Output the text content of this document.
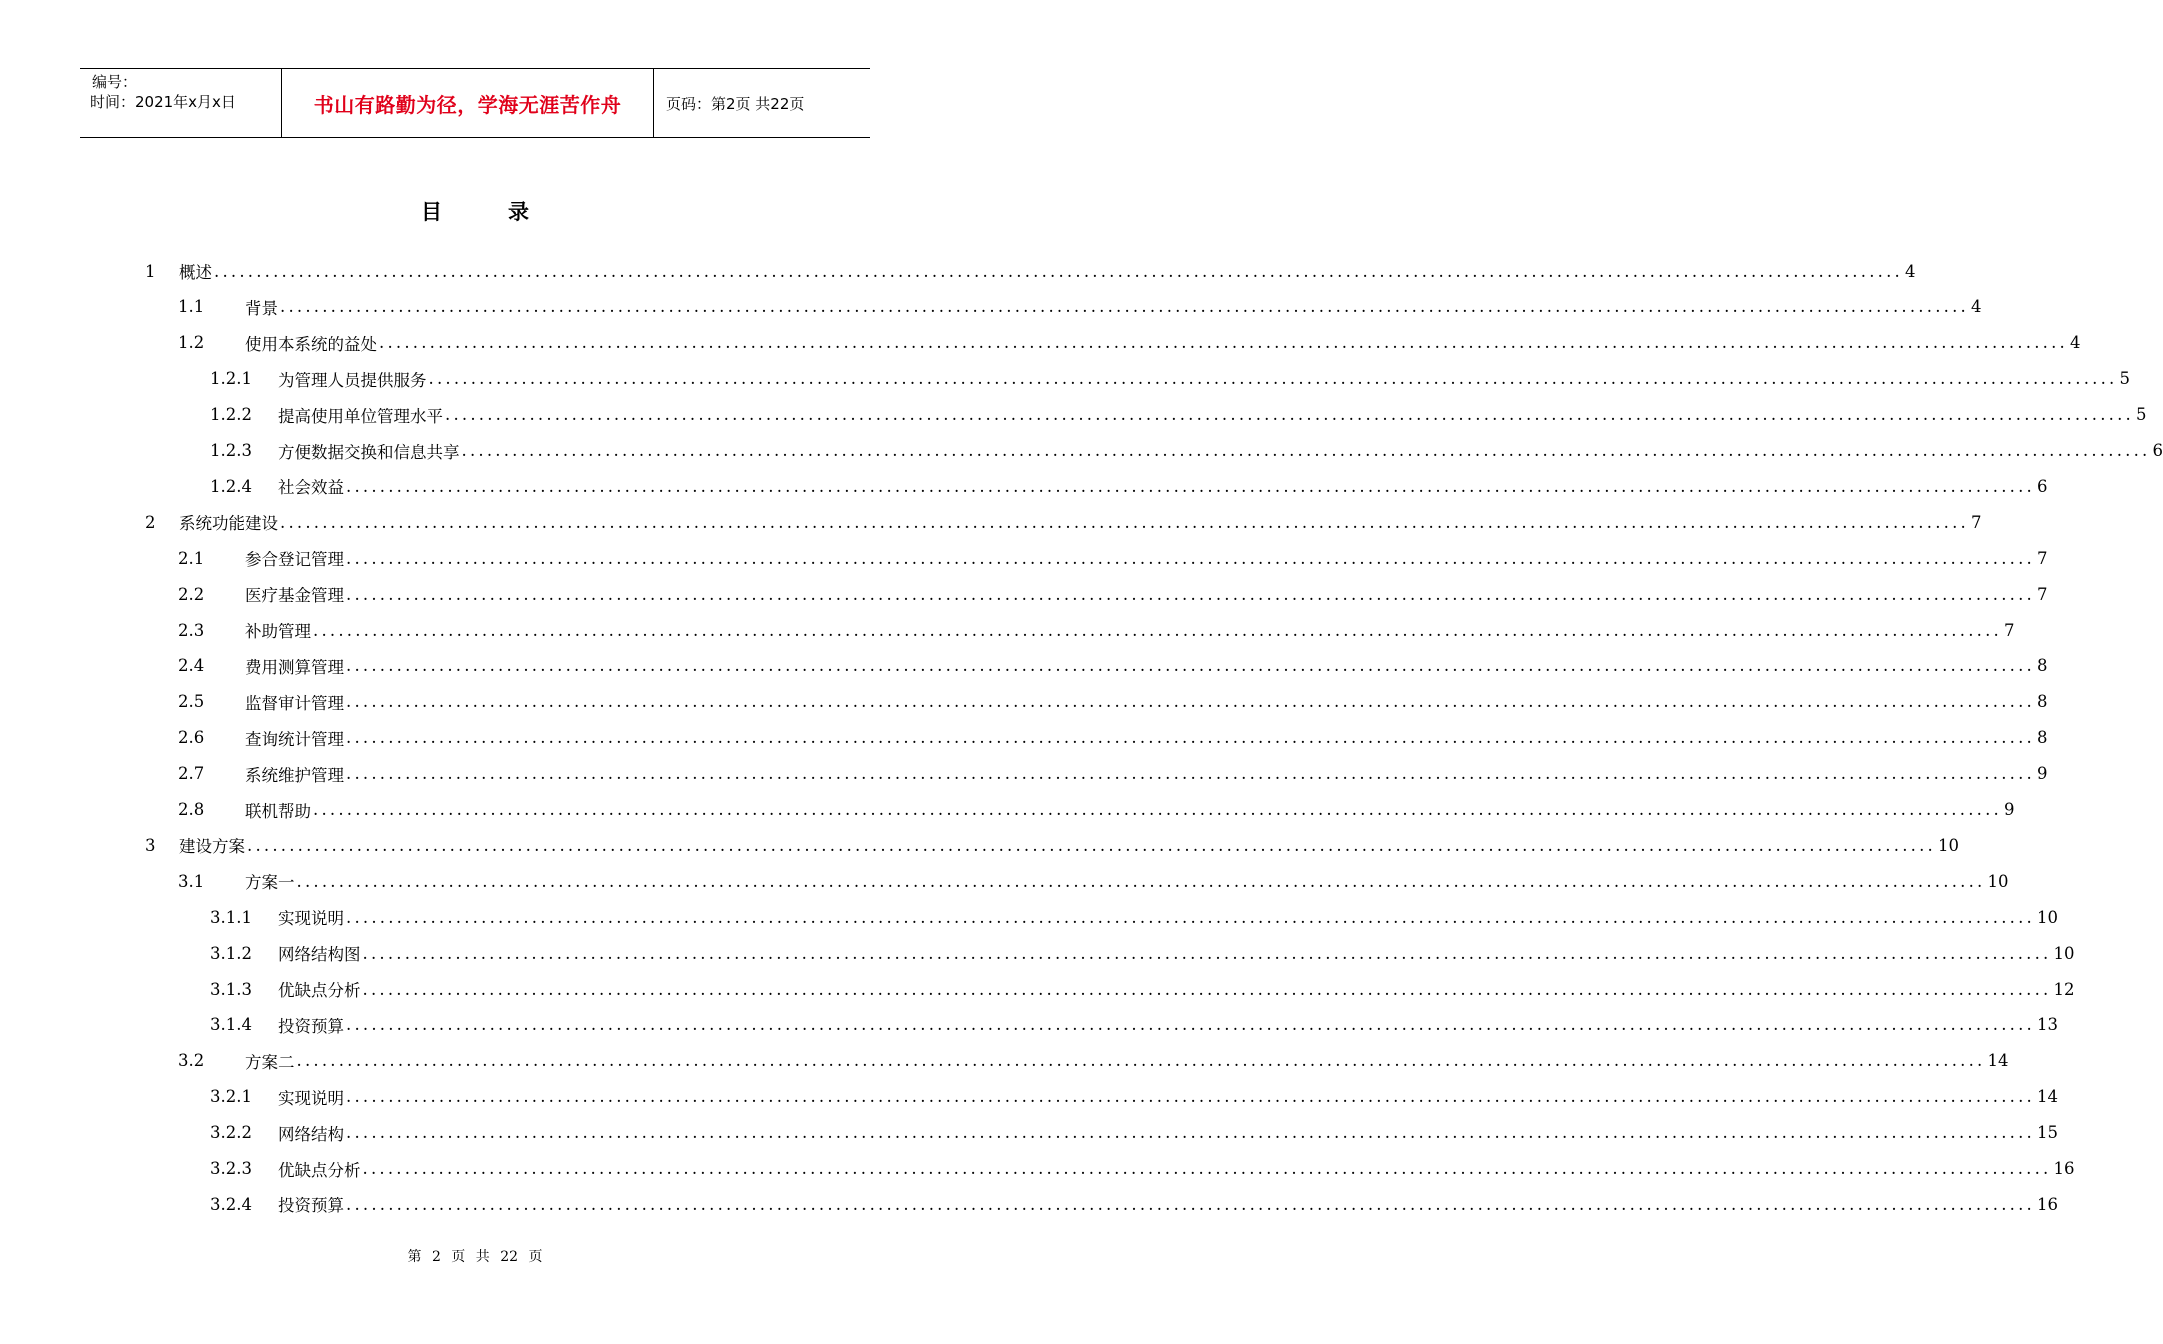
编号：
时间：2021年x月x日	书山有路勤为径，学海无涯苦作舟	页码：第2页 共22页
目录
1	概述 ........................................................................................................................................................................................................ 4
1.1	背景 ........................................................................................................................................................................................................ 4
1.2	使用本系统的益处 ........................................................................................................................................................................................................ 4
1.2.1	为管理人员提供服务 ........................................................................................................................................................................................................ 5
1.2.2	提高使用单位管理水平 ........................................................................................................................................................................................................ 5
1.2.3	方便数据交换和信息共享 ........................................................................................................................................................................................................ 6
1.2.4	社会效益 ........................................................................................................................................................................................................ 6
2	系统功能建设 ........................................................................................................................................................................................................ 7
2.1	参合登记管理 ........................................................................................................................................................................................................ 7
2.2	医疗基金管理 ........................................................................................................................................................................................................ 7
2.3	补助管理 ........................................................................................................................................................................................................ 7
2.4	费用测算管理 ........................................................................................................................................................................................................ 8
2.5	监督审计管理 ........................................................................................................................................................................................................ 8
2.6	查询统计管理 ........................................................................................................................................................................................................ 8
2.7	系统维护管理 ........................................................................................................................................................................................................ 9
2.8	联机帮助 ........................................................................................................................................................................................................ 9
3	建设方案 ........................................................................................................................................................................................................ 10
3.1	方案一 ........................................................................................................................................................................................................ 10
3.1.1	实现说明 ........................................................................................................................................................................................................ 10
3.1.2	网络结构图 ........................................................................................................................................................................................................ 10
3.1.3	优缺点分析 ........................................................................................................................................................................................................ 12
3.1.4	投资预算 ........................................................................................................................................................................................................ 13
3.2	方案二 ........................................................................................................................................................................................................ 14
3.2.1	实现说明 ........................................................................................................................................................................................................ 14
3.2.2	网络结构 ........................................................................................................................................................................................................ 15
3.2.3	优缺点分析 ........................................................................................................................................................................................................ 16
3.2.4	投资预算 ........................................................................................................................................................................................................ 16
第 2 页 共 22 页
